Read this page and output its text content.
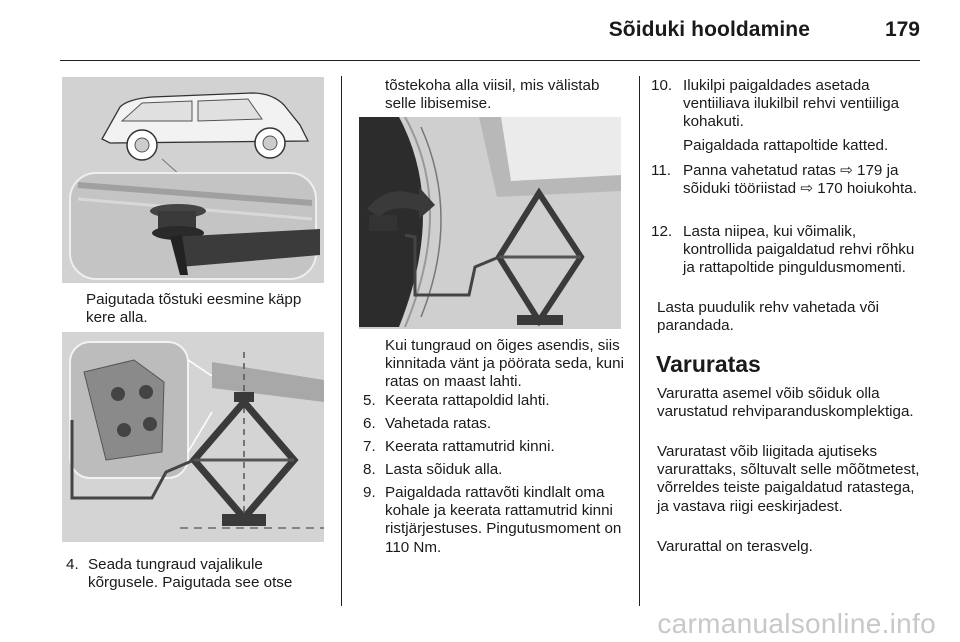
Sõiduki hooldamine	179
Paigutada tõstuki eesmine käpp kere alla.
4. Seada tungraud vajalikule kõrgusele. Paigutada see otse
tõstekoha alla viisil, mis välistab selle libisemise.
Kui tungraud on õiges asendis, siis kinnitada vänt ja pöörata seda, kuni ratas on maast lahti.
5. Keerata rattapoldid lahti.
6. Vahetada ratas.
7. Keerata rattamutrid kinni.
8. Lasta sõiduk alla.
9. Paigaldada rattavõti kindlalt oma kohale ja keerata rattamutrid kinni ristjärjestuses. Pingutusmoment on 110 Nm.
10. Ilukilpi paigaldades asetada ventiiliava ilukilbil rehvi ventiiliga kohakuti.
Paigaldada rattapoltide katted.
11. Panna vahetatud ratas ⇨ 179 ja sõiduki tööriistad ⇨ 170 hoiukohta.
12. Lasta niipea, kui võimalik, kontrollida paigaldatud rehvi rõhku ja rattapoltide pinguldusmomenti.
Lasta puudulik rehv vahetada või parandada.
Varuratas
Varuratta asemel võib sõiduk olla varustatud rehviparanduskomplektiga.
Varuratast võib liigitada ajutiseks varurattaks, sõltuvalt selle mõõtmetest, võrreldes teiste paigaldatud ratastega, ja vastava riigi eeskirjadest.
Varurattal on terasvelg.
carmanualsonline.info
